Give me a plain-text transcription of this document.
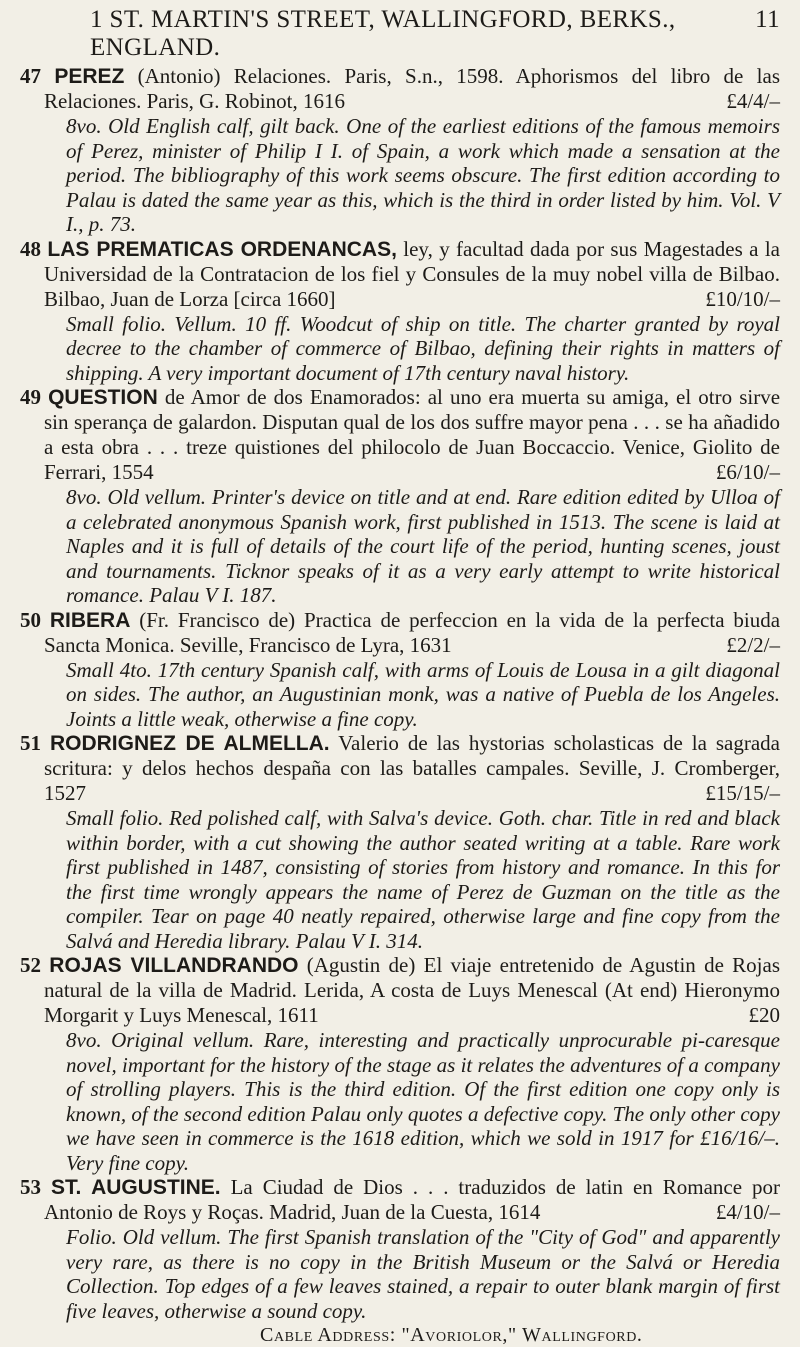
1 ST. MARTIN'S STREET, WALLINGFORD, BERKS., ENGLAND.
11
47 PEREZ (Antonio) Relaciones. Paris, S.n., 1598. Aphorismos del libro de las Relaciones. Paris, G. Robinot, 1616	£4/4/–
8vo. Old English calf, gilt back. One of the earliest editions of the famous memoirs of Perez, minister of Philip I I. of Spain, a work which made a sensation at the period. The bibliography of this work seems obscure. The first edition according to Palau is dated the same year as this, which is the third in order listed by him. Vol. V I., p. 73.
48 LAS PREMATICAS ORDENANCAS, ley, y facultad dada por sus Magestades a la Universidad de la Contratacion de los fiel y Consules de la muy nobel villa de Bilbao. Bilbao, Juan de Lorza [circa 1660]	£10/10/–
Small folio. Vellum. 10 ff. Woodcut of ship on title. The charter granted by royal decree to the chamber of commerce of Bilbao, defining their rights in matters of shipping. A very important document of 17th century naval history.
49 QUESTION de Amor de dos Enamorados: al uno era muerta su amiga, el otro sirve sin sperança de galardon. Disputan qual de los dos suffre mayor pena . . . se ha añadido a esta obra . . . treze quistiones del philocolo de Juan Boccaccio. Venice, Giolito de Ferrari, 1554	£6/10/–
8vo. Old vellum. Printer's device on title and at end. Rare edition edited by Ulloa of a celebrated anonymous Spanish work, first published in 1513. The scene is laid at Naples and it is full of details of the court life of the period, hunting scenes, joust and tournaments. Ticknor speaks of it as a very early attempt to write historical romance. Palau V I. 187.
50 RIBERA (Fr. Francisco de) Practica de perfeccion en la vida de la perfecta biuda Sancta Monica. Seville, Francisco de Lyra, 1631	£2/2/–
Small 4to. 17th century Spanish calf, with arms of Louis de Lousa in a gilt diagonal on sides. The author, an Augustinian monk, was a native of Puebla de los Angeles. Joints a little weak, otherwise a fine copy.
51 RODRIGNEZ DE ALMELLA. Valerio de las hystorias scholasticas de la sagrada scritura: y delos hechos despaña con las batalles campales. Seville, J. Cromberger, 1527	£15/15/–
Small folio. Red polished calf, with Salva's device. Goth. char. Title in red and black within border, with a cut showing the author seated writing at a table. Rare work first published in 1487, consisting of stories from history and romance. In this for the first time wrongly appears the name of Perez de Guzman on the title as the compiler. Tear on page 40 neatly repaired, otherwise large and fine copy from the Salvá and Heredia library. Palau V I. 314.
52 ROJAS VILLANDRANDO (Agustin de) El viaje entretenido de Agustin de Rojas natural de la villa de Madrid. Lerida, A costa de Luys Menescal (At end) Hieronymo Morgarit y Luys Menescal, 1611	£20
8vo. Original vellum. Rare, interesting and practically unprocurable pi-caresque novel, important for the history of the stage as it relates the adventures of a company of strolling players. This is the third edition. Of the first edition one copy only is known, of the second edition Palau only quotes a defective copy. The only other copy we have seen in commerce is the 1618 edition, which we sold in 1917 for £16/16/–. Very fine copy.
53 ST. AUGUSTINE. La Ciudad de Dios . . . traduzidos de latin en Romance por Antonio de Roys y Roças. Madrid, Juan de la Cuesta, 1614	£4/10/–
Folio. Old vellum. The first Spanish translation of the "City of God" and apparently very rare, as there is no copy in the British Museum or the Salvá or Heredia Collection. Top edges of a few leaves stained, a repair to outer blank margin of first five leaves, otherwise a sound copy.
Cable Address: "Avoriolor," Wallingford.
